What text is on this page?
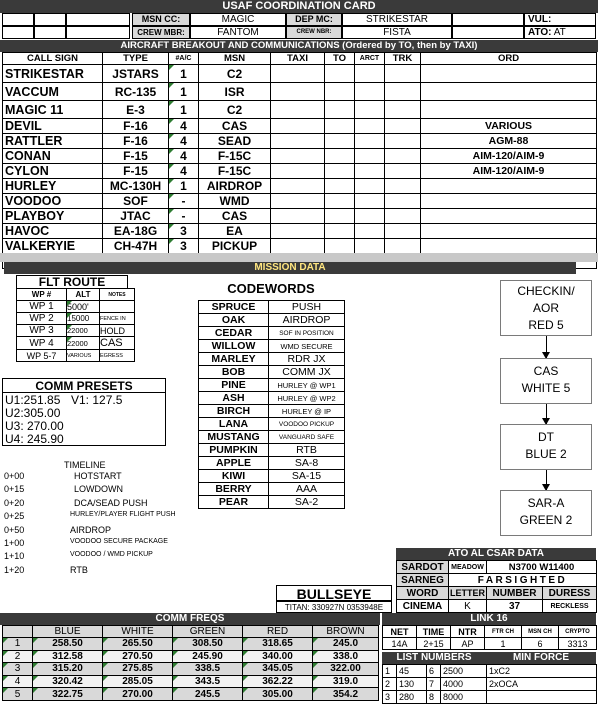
USAF COORDINATION CARD
MSN CC:	MAGIC	DEP MC:	STRIKESTAR
CREW MBR:	FANTOM	CREW NBR:	FISTA
VUL:
ATO: AT
AIRCRAFT BREAKOUT AND COMMUNICATIONS (Ordered by TO, then by TAXI)
CALL SIGN	TYPE	#A/C	MSN	TAXI	TO	ARCT	TRK	ORD
STRIKESTAR	JSTARS	1	C2					
VACCUM	RC-135	1	ISR					
MAGIC 11	E-3	1	C2					
DEVIL	F-16	4	CAS					VARIOUS
RATTLER	F-16	4	SEAD					AGM-88
CONAN	F-15	4	F-15C					AIM-120/AIM-9
CYLON	F-15	4	F-15C					AIM-120/AIM-9
HURLEY	MC-130H	1	AIRDROP					
VOODOO	SOF	-	WMD					
PLAYBOY	JTAC	-	CAS					
HAVOC	EA-18G	3	EA					
VALKERYIE	CH-47H	3	PICKUP					

MISSION DATA
FLT ROUTE
WP #	ALT	NOTES
WP 1	5000'	
WP 2	15000	FENCE IN
WP 3	22000	HOLD
WP 4	22000	CAS
WP 5-7	VARIOUS	EGRESS
COMM PRESETS
U1:251.85 V1: 127.5
U2:305.00
U3: 270.00
U4: 245.90
TIMELINE
0+00	HOTSTART
0+15	LOWDOWN
0+20	DCA/SEAD PUSH
0+25	HURLEY/PLAYER FLIGHT PUSH
0+50	AIRDROP
1+00	VOODOO SECURE PACKAGE
1+10	VOODOO / WMD PICKUP
1+20	RTB
CODEWORDS
SPRUCE	PUSH
OAK	AIRDROP
CEDAR	SOF IN POSITION
WILLOW	WMD SECURE
MARLEY	RDR JX
BOB	COMM JX
PINE	HURLEY @ WP1
ASH	HURLEY @ WP2
BIRCH	HURLEY @ IP
LANA	VOODOO PICKUP
MUSTANG	VANGUARD SAFE
PUMPKIN	RTB
APPLE	SA-8
KIWI	SA-15
BERRY	AAA
PEAR	SA-2
CHECKIN/
AOR
RED 5
CAS
WHITE 5
DT
BLUE 2
SAR-A
GREEN 2
ATO AL CSAR DATA
SARDOT	MEADOW	N3700 W11400	
SARNEG	FARSIGHTED		
WORD	LETTER	NUMBER	DURESS
CINEMA	K	37	RECKLESS
BULLSEYE
TITAN: 330927N 0353948E
COMM FREQS
	BLUE	WHITE	GREEN	RED	BROWN
1	258.50	265.50	308.50	318.65	245.0
2	312.58	270.50	245.90	340.00	338.0
3	315.20	275.85	338.5	345.05	322.00
4	320.42	285.05	343.5	362.22	319.0
5	322.75	270.00	245.5	305.00	354.2
LINK 16
NET	TIME	NTR	FTR CH	MSN CH	CRYPTO
14A	2+15	AP	1	6	3313
LIST NUMBERS	MIN FORCE
1	45	6	2500	1xC2
2	130	7	4000	2xOCA
3	280	8	8000	
